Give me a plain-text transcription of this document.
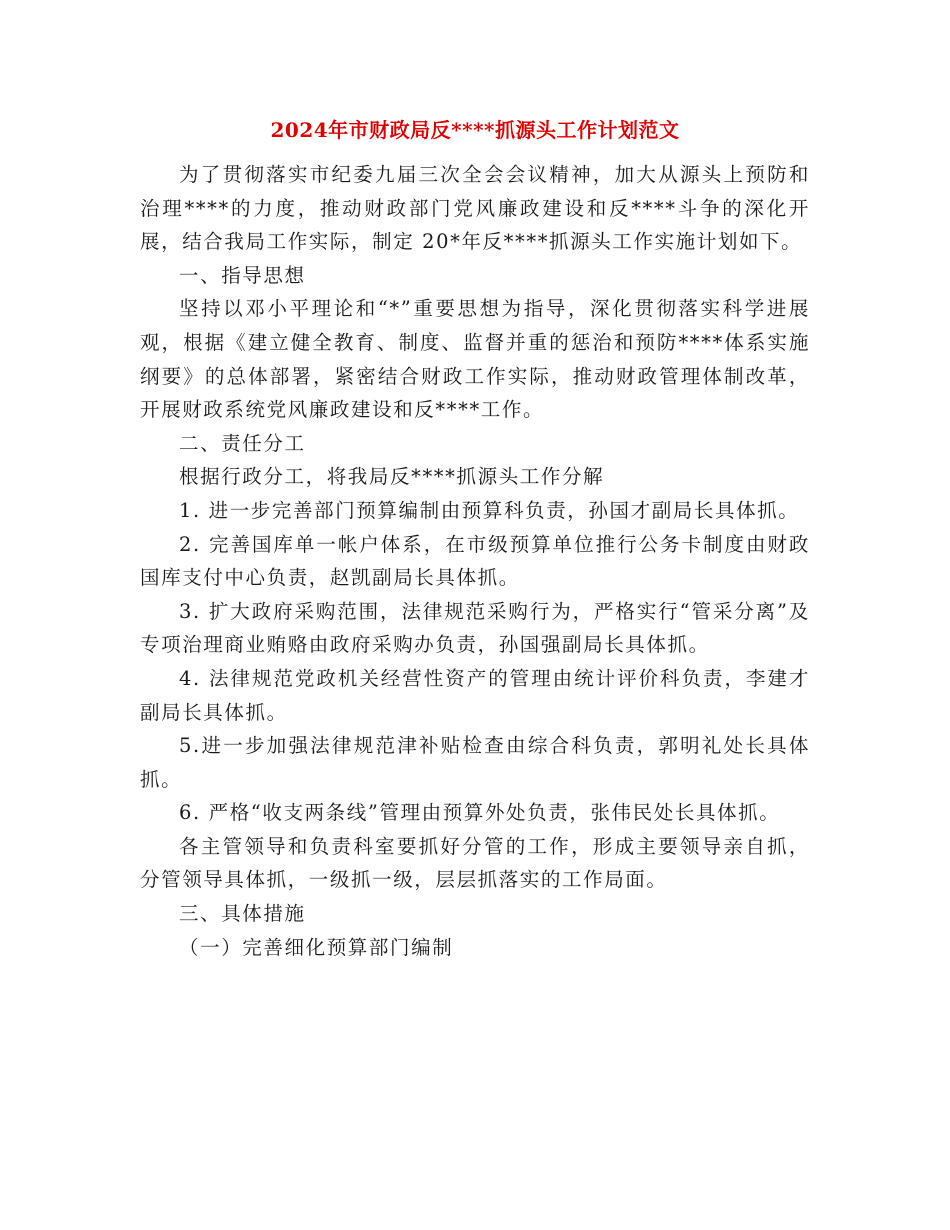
2024年市财政局反****抓源头工作计划范文

为了贯彻落实市纪委九届三次全会会议精神，加大从源头上预防和治理****的力度，推动财政部门党风廉政建设和反****斗争的深化开展，结合我局工作实际，制定 20*年反****抓源头工作实施计划如下。

一、指导思想

坚持以邓小平理论和“*”重要思想为指导，深化贯彻落实科学进展观，根据《建立健全教育、制度、监督并重的惩治和预防****体系实施纲要》的总体部署，紧密结合财政工作实际，推动财政管理体制改革，开展财政系统党风廉政建设和反****工作。

二、责任分工

根据行政分工，将我局反****抓源头工作分解

1. 进一步完善部门预算编制由预算科负责，孙国才副局长具体抓。

2. 完善国库单一帐户体系，在市级预算单位推行公务卡制度由财政国库支付中心负责，赵凯副局长具体抓。

3. 扩大政府采购范围，法律规范采购行为，严格实行“管采分离”及专项治理商业贿赂由政府采购办负责，孙国强副局长具体抓。

4. 法律规范党政机关经营性资产的管理由统计评价科负责，李建才副局长具体抓。

5.进一步加强法律规范津补贴检查由综合科负责，郭明礼处长具体抓。

6. 严格“收支两条线”管理由预算外处负责，张伟民处长具体抓。

各主管领导和负责科室要抓好分管的工作，形成主要领导亲自抓，分管领导具体抓，一级抓一级，层层抓落实的工作局面。

三、具体措施

（一）完善细化预算部门编制
